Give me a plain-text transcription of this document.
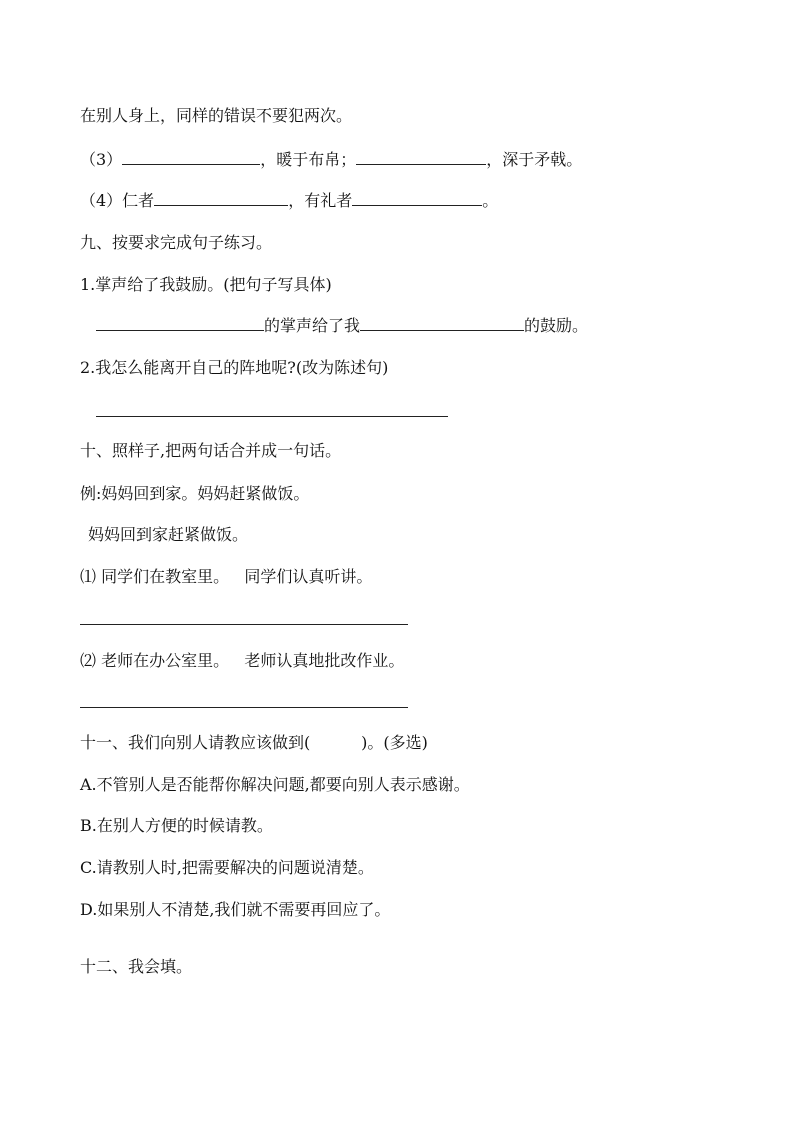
在别人身上，同样的错误不要犯两次。
（3）	，暖于布帛；	，深于矛戟。
（4）仁者	，有礼者	。
九、按要求完成句子练习。
1.掌声给了我鼓励。(把句子写具体)
的掌声给了我	的鼓励。
2.我怎么能离开自己的阵地呢?(改为陈述句)
十、照样子,把两句话合并成一句话。
例:妈妈回到家。妈妈赶紧做饭。
妈妈回到家赶紧做饭。
⑴ 同学们在教室里。   同学们认真听讲。
⑵ 老师在办公室里。   老师认真地批改作业。
十一、我们向别人请教应该做到(          )。(多选)
A.不管别人是否能帮你解决问题,都要向别人表示感谢。
B.在别人方便的时候请教。
C.请教别人时,把需要解决的问题说清楚。
D.如果别人不清楚,我们就不需要再回应了。
十二、我会填。
